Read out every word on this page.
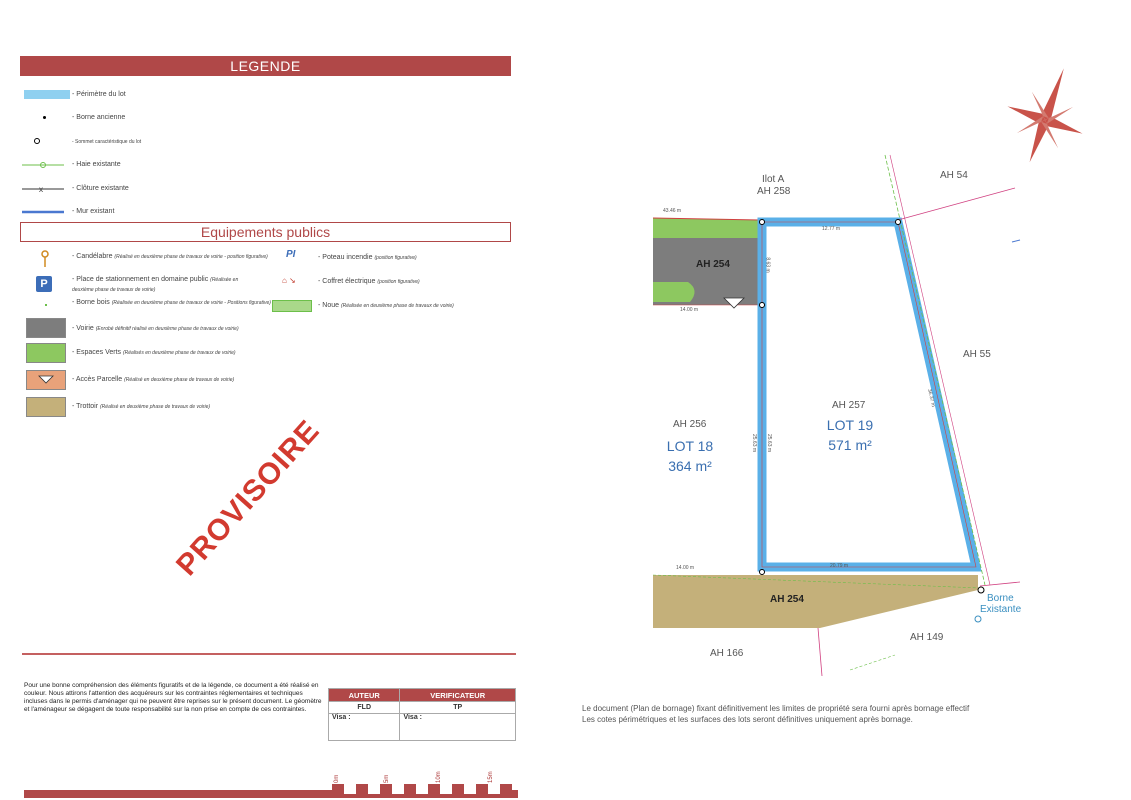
LEGENDE
- Périmètre du lot
- Borne ancienne
- Sommet caractéristique du lot
- Haie existante
x	- Clôture existante
- Mur existant
Equipements publics
- Candélabre (Réalisé en deuxième phase de travaux de voirie - position figurative)
P	- Place de stationnement en domaine public (Réalisée en deuxième phase de travaux de voirie)
- Borne bois (Réalisée en deuxième phase de travaux de voirie - Positions figurative)
PI	- Poteau incendie (position figurative)
⌂ ↘	- Coffret électrique (position figurative)
- Noue (Réalisée en deuxième phase de travaux de voirie)
- Voirie (Enrobé définitif réalisé en deuxième phase de travaux de voirie)
- Espaces Verts (Réalisés en deuxième phase de travaux de voirie)
- Accès Parcelle (Réalisé en deuxième phase de travaux de voirie)
- Trottoir (Réalisé en deuxième phase de travaux de voirie)
PROVISOIRE
Pour une bonne compréhension des éléments figuratifs et de la légende, ce document a été réalisé en couleur. Nous attirons l'attention des acquéreurs sur les contraintes réglementaires et techniques incluses dans le permis d'aménager qui ne peuvent être reprises sur le présent document. Le géomètre et l'aménageur se dégagent de toute responsabilité sur la non prise en compte de ces contraintes.
AUTEUR	VERIFICATEUR
FLD	TP
Visa :	Visa :
0m	5m	10m	15m
Ilot A
AH 258
AH 54
AH 55
AH 254
AH 256
AH 257
LOT 18
364 m²
LOT 19
571 m²
AH 254	Borne
Existante
AH 149
AH 166
43.46 m
12.77 m
14.00 m
14.00 m	20.79 m
25.63 m 25.63 m
36.37 m
8.63 m
Le document (Plan de bornage) fixant définitivement les limites de propriété sera fourni après bornage effectif
Les cotes périmétriques et les surfaces des lots seront définitives uniquement après bornage.
